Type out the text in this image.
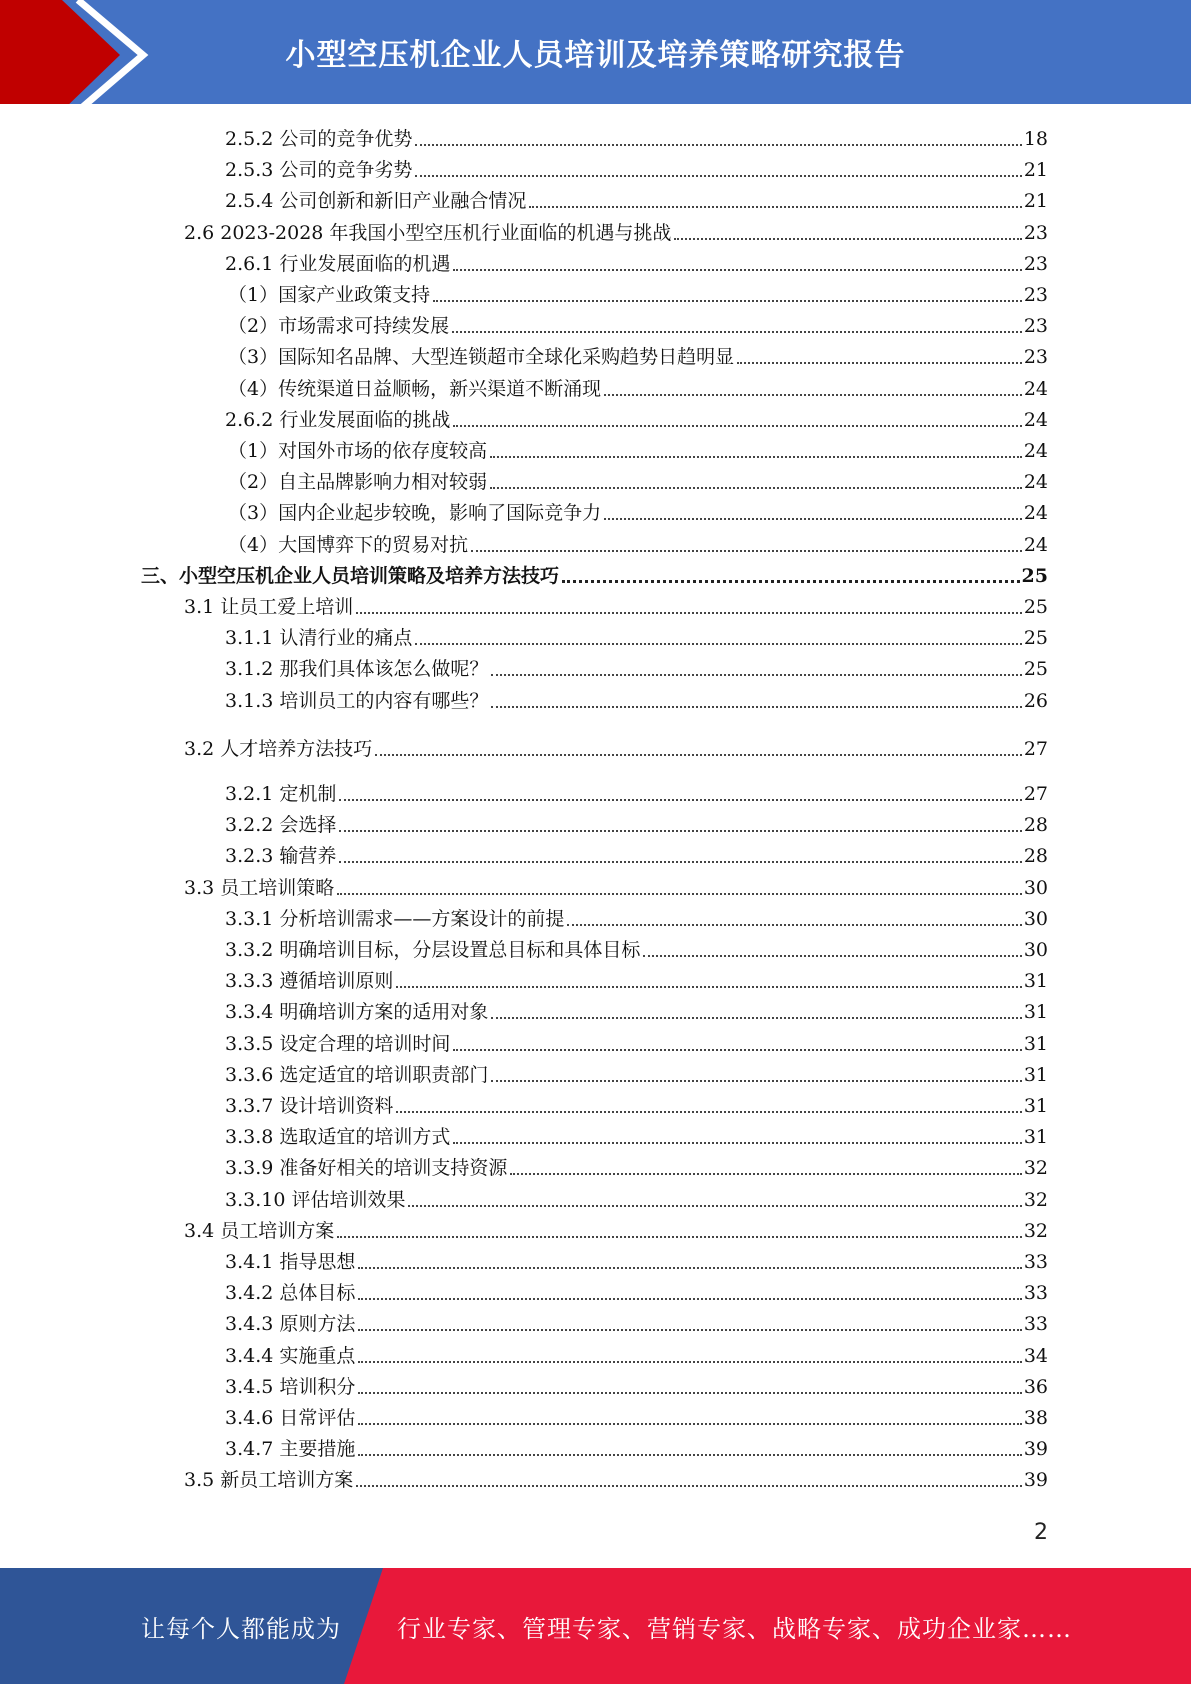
小型空压机企业人员培训及培养策略研究报告
2.5.2 公司的竞争优势	18
2.5.3 公司的竞争劣势	21
2.5.4 公司创新和新旧产业融合情况	21
2.6 2023-2028 年我国小型空压机行业面临的机遇与挑战	23
2.6.1 行业发展面临的机遇	23
（1）国家产业政策支持	23
（2）市场需求可持续发展	23
（3）国际知名品牌、大型连锁超市全球化采购趋势日趋明显	23
（4）传统渠道日益顺畅，新兴渠道不断涌现	24
2.6.2 行业发展面临的挑战	24
（1）对国外市场的依存度较高	24
（2）自主品牌影响力相对较弱	24
（3）国内企业起步较晚，影响了国际竞争力	24
（4）大国博弈下的贸易对抗	24
三、小型空压机企业人员培训策略及培养方法技巧	25
3.1 让员工爱上培训	25
3.1.1 认清行业的痛点	25
3.1.2 那我们具体该怎么做呢？	25
3.1.3 培训员工的内容有哪些？	26
3.2 人才培养方法技巧	27
3.2.1 定机制	27
3.2.2 会选择	28
3.2.3 输营养	28
3.3 员工培训策略	30
3.3.1 分析培训需求——方案设计的前提	30
3.3.2 明确培训目标，分层设置总目标和具体目标	30
3.3.3 遵循培训原则	31
3.3.4 明确培训方案的适用对象	31
3.3.5 设定合理的培训时间	31
3.3.6 选定适宜的培训职责部门	31
3.3.7 设计培训资料	31
3.3.8 选取适宜的培训方式	31
3.3.9 准备好相关的培训支持资源	32
3.3.10 评估培训效果	32
3.4 员工培训方案	32
3.4.1 指导思想	33
3.4.2 总体目标	33
3.4.3 原则方法	33
3.4.4 实施重点	34
3.4.5 培训积分	36
3.4.6 日常评估	38
3.4.7 主要措施	39
3.5 新员工培训方案	39
2
让每个人都能成为 行业专家、管理专家、营销专家、战略专家、成功企业家……
